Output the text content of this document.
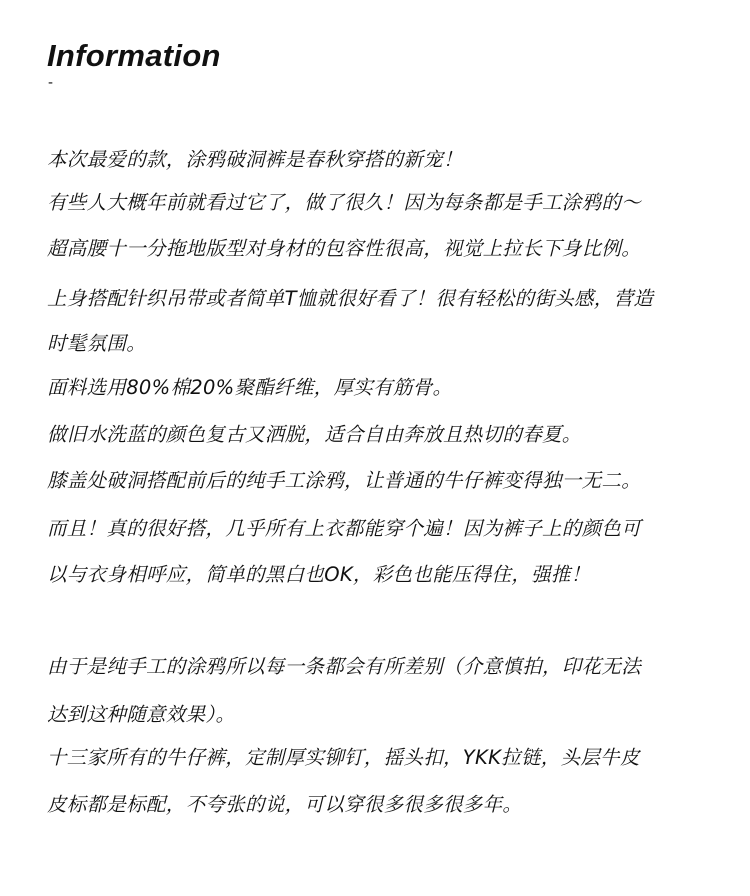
Information
-
本次最爱的款，涂鸦破洞裤是春秋穿搭的新宠！
有些人大概年前就看过它了，做了很久！因为每条都是手工涂鸦的～
超高腰十一分拖地版型对身材的包容性很高，视觉上拉长下身比例。
上身搭配针织吊带或者简单T恤就很好看了！很有轻松的街头感，营造
时髦氛围。
面料选用80%棉20%聚酯纤维，厚实有筋骨。
做旧水洗蓝的颜色复古又洒脱，适合自由奔放且热切的春夏。
膝盖处破洞搭配前后的纯手工涂鸦，让普通的牛仔裤变得独一无二。
而且！真的很好搭，几乎所有上衣都能穿个遍！因为裤子上的颜色可
以与衣身相呼应，简单的黑白也OK，彩色也能压得住，强推！
由于是纯手工的涂鸦所以每一条都会有所差别（介意慎拍，印花无法
达到这种随意效果）。
十三家所有的牛仔裤，定制厚实铆钉，摇头扣，YKK拉链，头层牛皮
皮标都是标配，不夸张的说，可以穿很多很多很多年。
